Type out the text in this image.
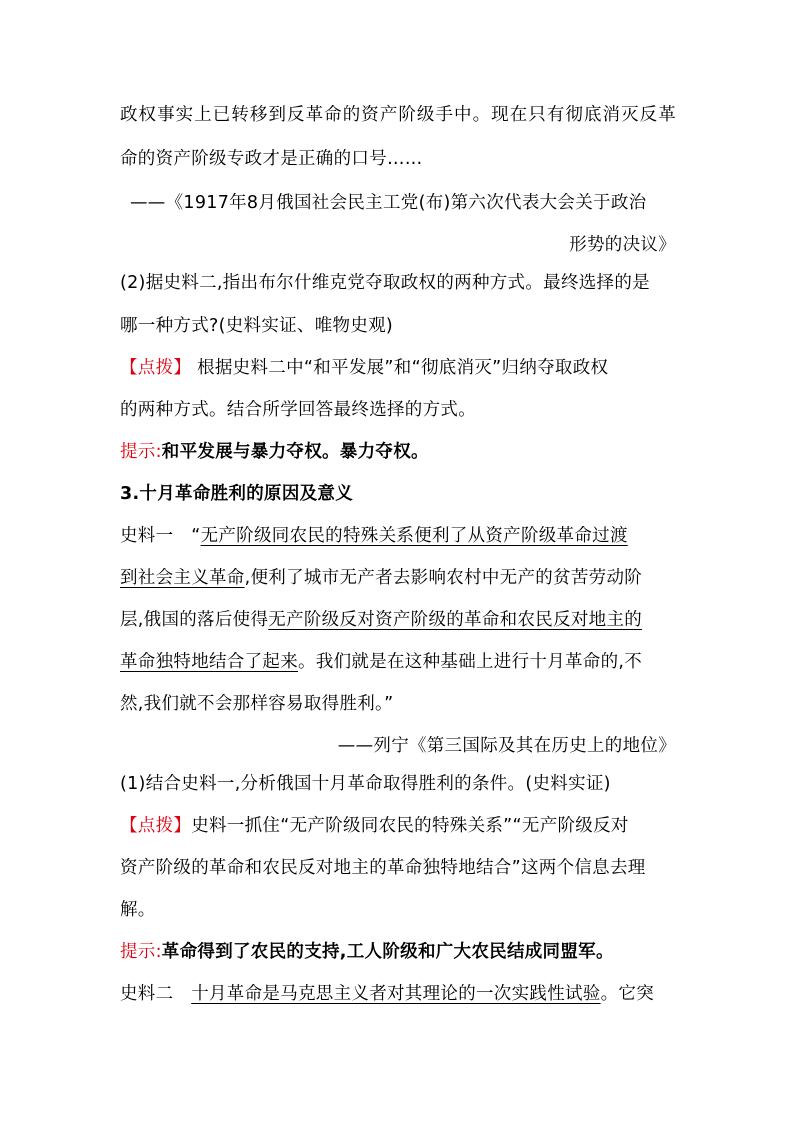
政权事实上已转移到反革命的资产阶级手中。现在只有彻底消灭反革
命的资产阶级专政才是正确的口号……
——《1917年8月俄国社会民主工党(布)第六次代表大会关于政治
形势的决议》
(2)据史料二,指出布尔什维克党夺取政权的两种方式。最终选择的是
哪一种方式?(史料实证、唯物史观)
【点拨】 根据史料二中“和平发展”和“彻底消灭”归纳夺取政权
的两种方式。结合所学回答最终选择的方式。
提示:和平发展与暴力夺权。暴力夺权。
3.十月革命胜利的原因及意义
史料一　“无产阶级同农民的特殊关系便利了从资产阶级革命过渡
到社会主义革命,便利了城市无产者去影响农村中无产的贫苦劳动阶
层,俄国的落后使得无产阶级反对资产阶级的革命和农民反对地主的
革命独特地结合了起来。我们就是在这种基础上进行十月革命的,不
然,我们就不会那样容易取得胜利。”
——列宁《第三国际及其在历史上的地位》
(1)结合史料一,分析俄国十月革命取得胜利的条件。(史料实证)
【点拨】史料一抓住“无产阶级同农民的特殊关系”“无产阶级反对
资产阶级的革命和农民反对地主的革命独特地结合”这两个信息去理
解。
提示:革命得到了农民的支持,工人阶级和广大农民结成同盟军。
史料二　十月革命是马克思主义者对其理论的一次实践性试验。它突
